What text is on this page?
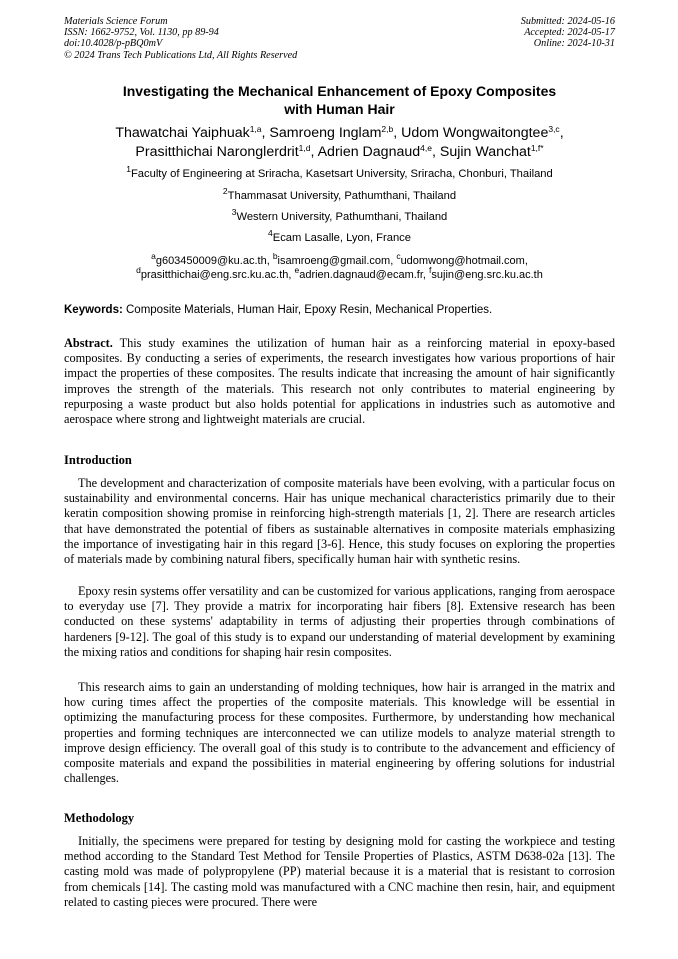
Materials Science Forum
ISSN: 1662-9752, Vol. 1130, pp 89-94
doi:10.4028/p-pBQ0mV
© 2024 Trans Tech Publications Ltd, All Rights Reserved
Submitted: 2024-05-16
Accepted: 2024-05-17
Online: 2024-10-31
Investigating the Mechanical Enhancement of Epoxy Composites
with Human Hair
Thawatchai Yaiphuak$^{1,a}$, Samroeng Inglam$^{2,b}$, Udom Wongwaitongtee$^{3,c}$,
Prasitthichai Naronglerdrit$^{1,d}$, Adrien Dagnaud$^{4,e}$, Sujin Wanchat$^{1,f*}$
$^1$Faculty of Engineering at Sriracha, Kasetsart University, Sriracha, Chonburi, Thailand
$^2$Thammasat University, Pathumthani, Thailand
$^3$Western University, Pathumthani, Thailand
$^4$Ecam Lasalle, Lyon, France
$^a$g603450009@ku.ac.th, $^b$isamroeng@gmail.com, $^c$udomwong@hotmail.com,
$^d$prasitthichai@eng.src.ku.ac.th, $^e$adrien.dagnaud@ecam.fr, $^f$sujin@eng.src.ku.ac.th
Keywords: Composite Materials, Human Hair, Epoxy Resin, Mechanical Properties.
Abstract. This study examines the utilization of human hair as a reinforcing material in epoxy-based composites. By conducting a series of experiments, the research investigates how various proportions of hair impact the properties of these composites. The results indicate that increasing the amount of hair significantly improves the strength of the materials. This research not only contributes to material engineering by repurposing a waste product but also holds potential for applications in industries such as automotive and aerospace where strong and lightweight materials are crucial.
Introduction
The development and characterization of composite materials have been evolving, with a particular focus on sustainability and environmental concerns. Hair has unique mechanical characteristics primarily due to their keratin composition showing promise in reinforcing high-strength materials [1, 2]. There are research articles that have demonstrated the potential of fibers as sustainable alternatives in composite materials emphasizing the importance of investigating hair in this regard [3-6]. Hence, this study focuses on exploring the properties of materials made by combining natural fibers, specifically human hair with synthetic resins.
Epoxy resin systems offer versatility and can be customized for various applications, ranging from aerospace to everyday use [7]. They provide a matrix for incorporating hair fibers [8]. Extensive research has been conducted on these systems' adaptability in terms of adjusting their properties through combinations of hardeners [9-12]. The goal of this study is to expand our understanding of material development by examining the mixing ratios and conditions for shaping hair resin composites.
This research aims to gain an understanding of molding techniques, how hair is arranged in the matrix and how curing times affect the properties of the composite materials. This knowledge will be essential in optimizing the manufacturing process for these composites. Furthermore, by understanding how mechanical properties and forming techniques are interconnected we can utilize models to analyze material strength to improve design efficiency. The overall goal of this study is to contribute to the advancement and efficiency of composite materials and expand the possibilities in material engineering by offering solutions for industrial challenges.
Methodology
Initially, the specimens were prepared for testing by designing mold for casting the workpiece and testing method according to the Standard Test Method for Tensile Properties of Plastics, ASTM D638-02a [13]. The casting mold was made of polypropylene (PP) material because it is a material that is resistant to corrosion from chemicals [14]. The casting mold was manufactured with a CNC machine then resin, hair, and equipment related to casting pieces were procured. There were
